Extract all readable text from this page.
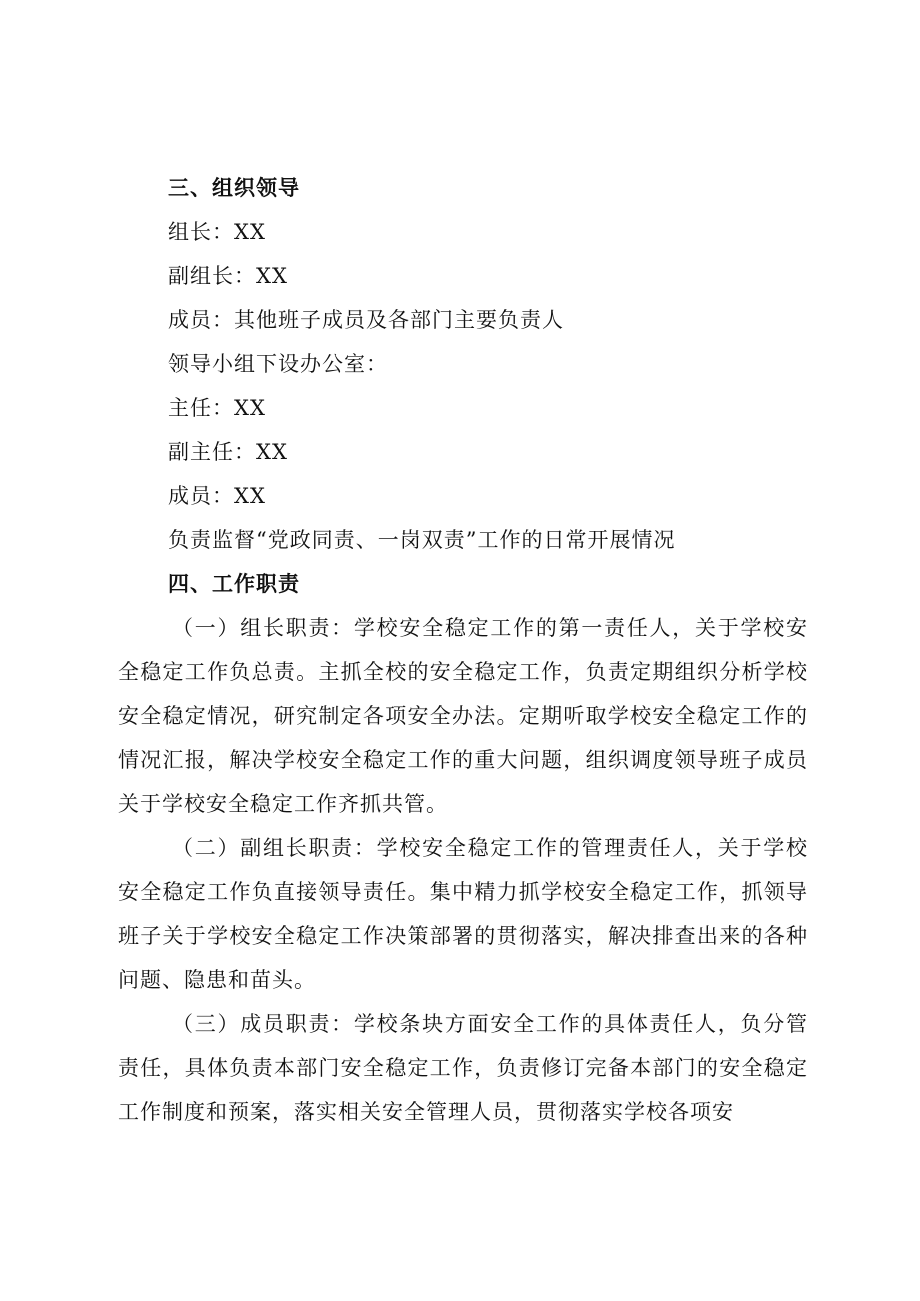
三、组织领导

组长：XX

副组长：XX

成员：其他班子成员及各部门主要负责人

领导小组下设办公室：

主任：XX

副主任：XX

成员：XX

负责监督“党政同责、一岗双责”工作的日常开展情况

四、工作职责

（一）组长职责：学校安全稳定工作的第一责任人，关于学校安全稳定工作负总责。主抓全校的安全稳定工作，负责定期组织分析学校安全稳定情况，研究制定各项安全办法。定期听取学校安全稳定工作的情况汇报，解决学校安全稳定工作的重大问题，组织调度领导班子成员关于学校安全稳定工作齐抓共管。

（二）副组长职责：学校安全稳定工作的管理责任人，关于学校安全稳定工作负直接领导责任。集中精力抓学校安全稳定工作，抓领导班子关于学校安全稳定工作决策部署的贯彻落实，解决排查出来的各种问题、隐患和苗头。

（三）成员职责：学校条块方面安全工作的具体责任人，负分管责任，具体负责本部门安全稳定工作，负责修订完备本部门的安全稳定工作制度和预案，落实相关安全管理人员，贯彻落实学校各项安
